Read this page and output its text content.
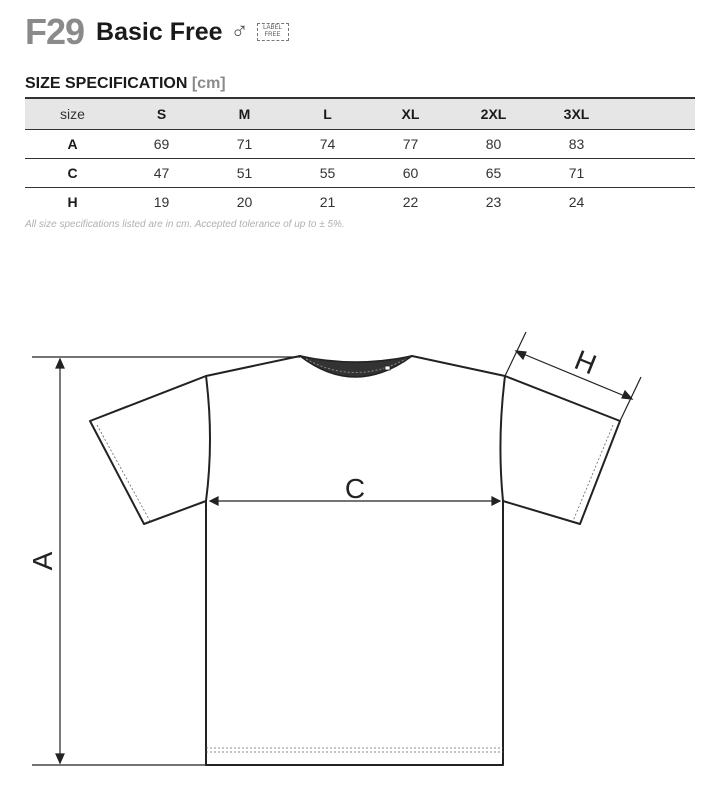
F29 Basic Free ♂	LABEL
FREE
SIZE SPECIFICATION [cm]
size	S	M	L	XL	2XL	3XL	
A	69	71	74	77	80	83	
C	47	51	55	60	65	71	
H	19	20	21	22	23	24	
All size specifications listed are in cm. Accepted tolerance of up to ± 5%.
C
A
H
